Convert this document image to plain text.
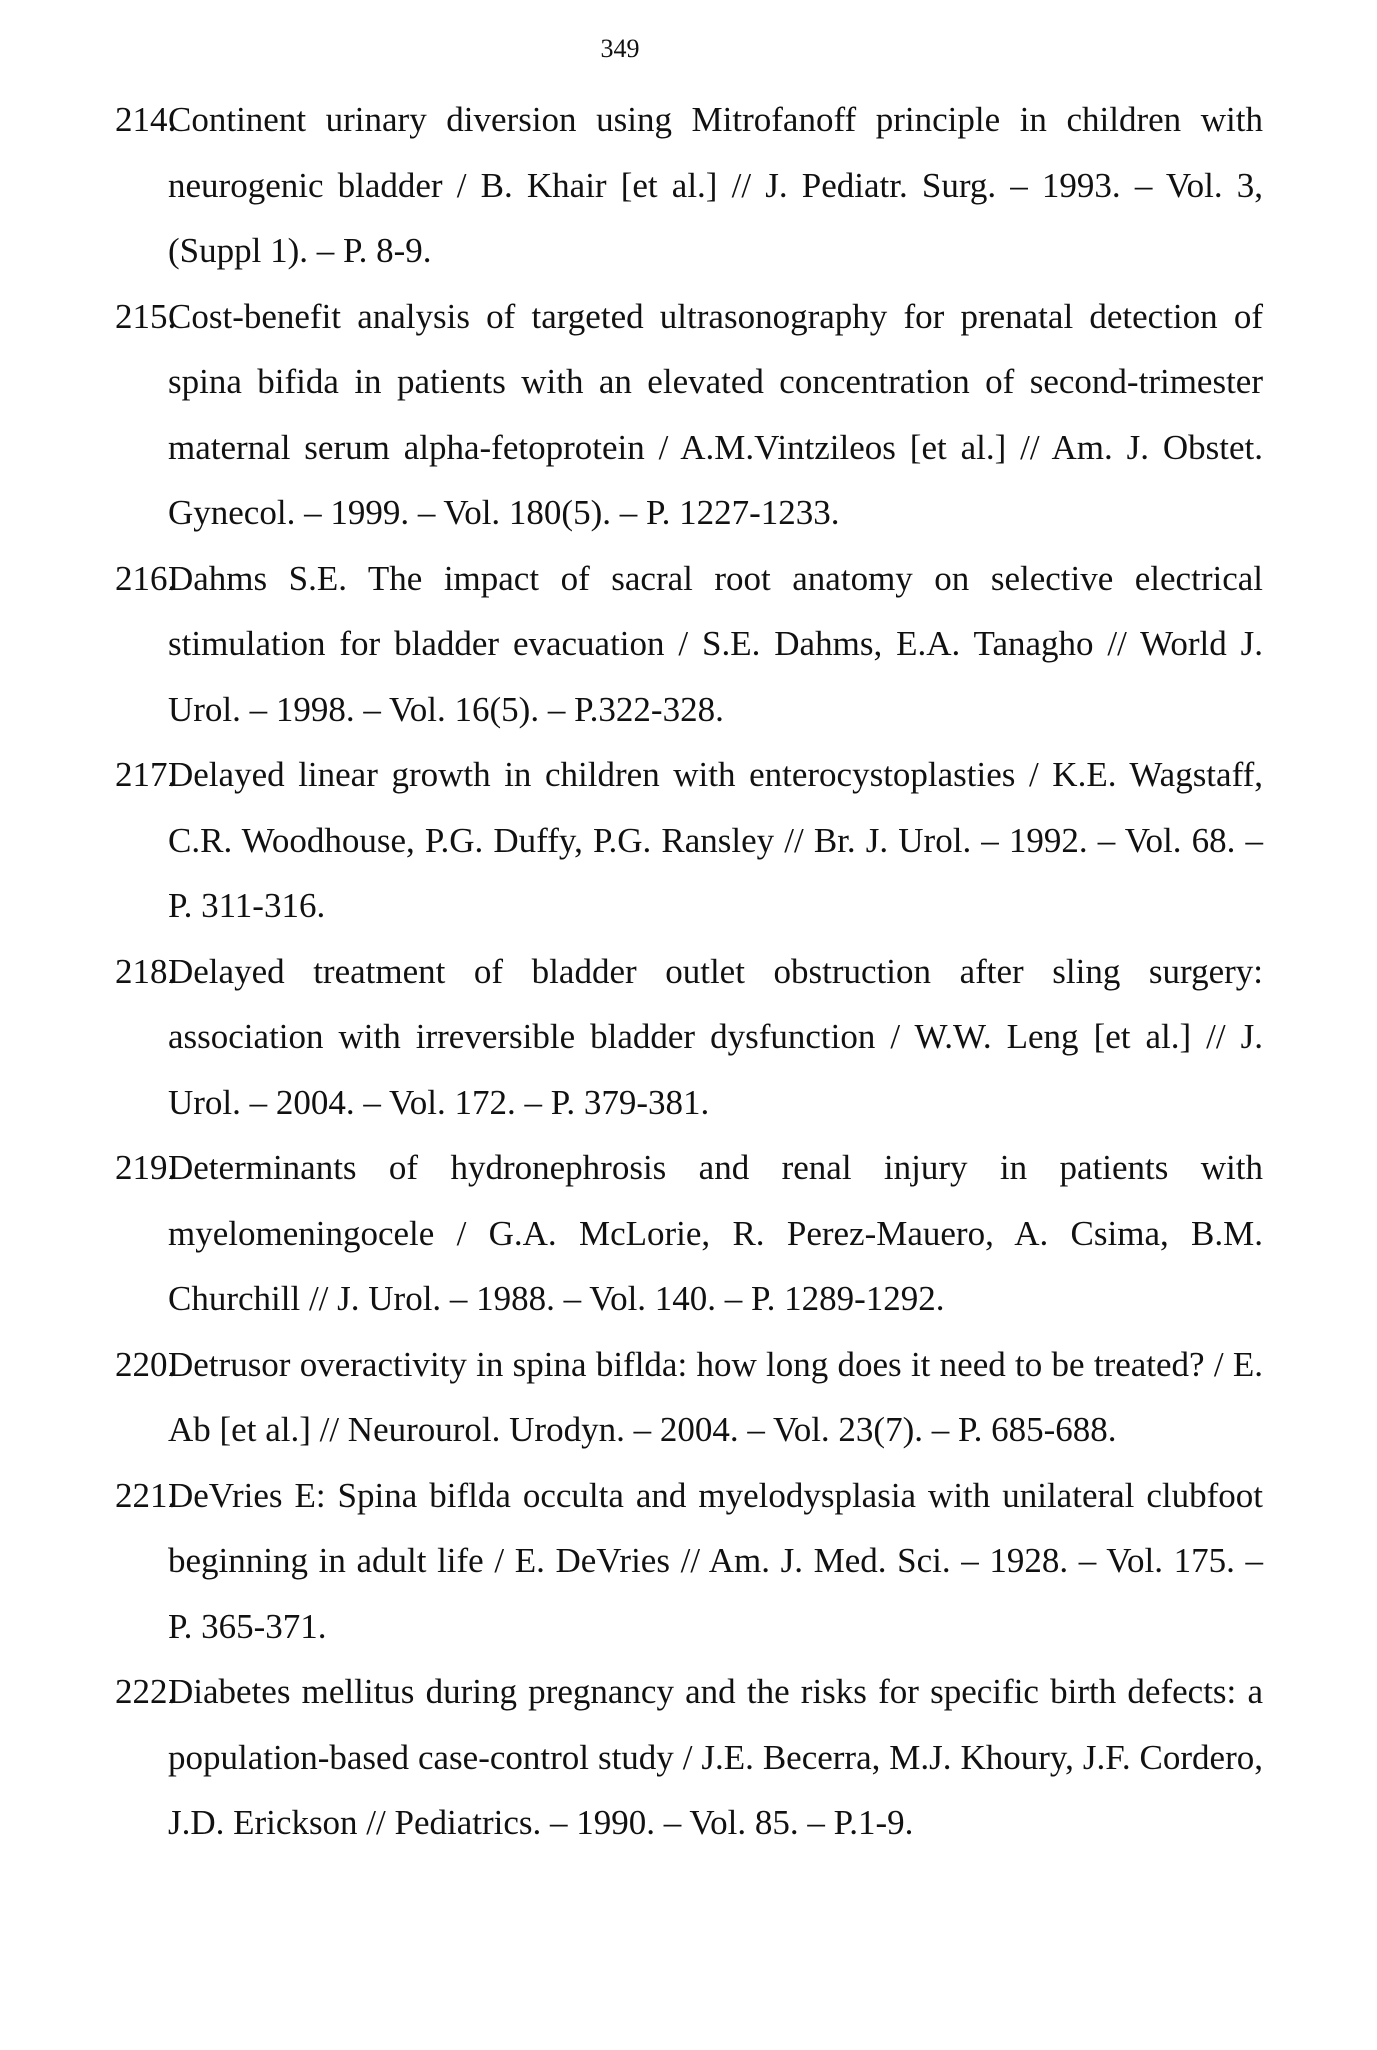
349
214.
Continent urinary diversion using Mitrofanoff principle in children with neurogenic bladder / B. Khair [et al.] // J. Pediatr. Surg. – 1993. – Vol. 3, (Suppl 1). – P. 8-9.
215.
Cost-benefit analysis of targeted ultrasonography for prenatal detection of spina bifida in patients with an elevated concentration of second-trimester maternal serum alpha-fetoprotein / A.M.Vintzileos [et al.] // Am. J. Obstet. Gynecol. – 1999. – Vol. 180(5). – P. 1227-1233.
216.
Dahms S.E. The impact of sacral root anatomy on selective electrical stimulation for bladder evacuation / S.E. Dahms, E.A. Tanagho // World J. Urol. – 1998. – Vol. 16(5). – P.322-328.
217.
Delayed linear growth in children with enterocystoplasties / K.E. Wagstaff, C.R. Woodhouse, P.G. Duffy, P.G. Ransley // Br. J. Urol. – 1992. – Vol. 68. – P. 311-316.
218.
Delayed treatment of bladder outlet obstruction after sling surgery: association with irreversible bladder dysfunction / W.W. Leng [et al.] // J. Urol. – 2004. – Vol. 172. – P. 379-381.
219.
Determinants of hydronephrosis and renal injury in patients with myelomeningocele / G.A. McLorie, R. Perez-Mauero, A. Csima, B.M. Churchill // J. Urol. – 1988. – Vol. 140. – P. 1289-1292.
220.
Detrusor overactivity in spina biflda: how long does it need to be treated? / E. Ab [et al.] // Neurourol. Urodyn. – 2004. – Vol. 23(7). – P. 685-688.
221.
DeVries E: Spina biflda occulta and myelodysplasia with unilateral clubfoot beginning in adult life / E. DeVries // Am. J. Med. Sci. – 1928. – Vol. 175. – P. 365-371.
222.
Diabetes mellitus during pregnancy and the risks for specific birth defects: a population-based case-control study / J.E. Becerra, M.J. Khoury, J.F. Cordero, J.D. Erickson // Pediatrics. – 1990. – Vol. 85. – P.1-9.
